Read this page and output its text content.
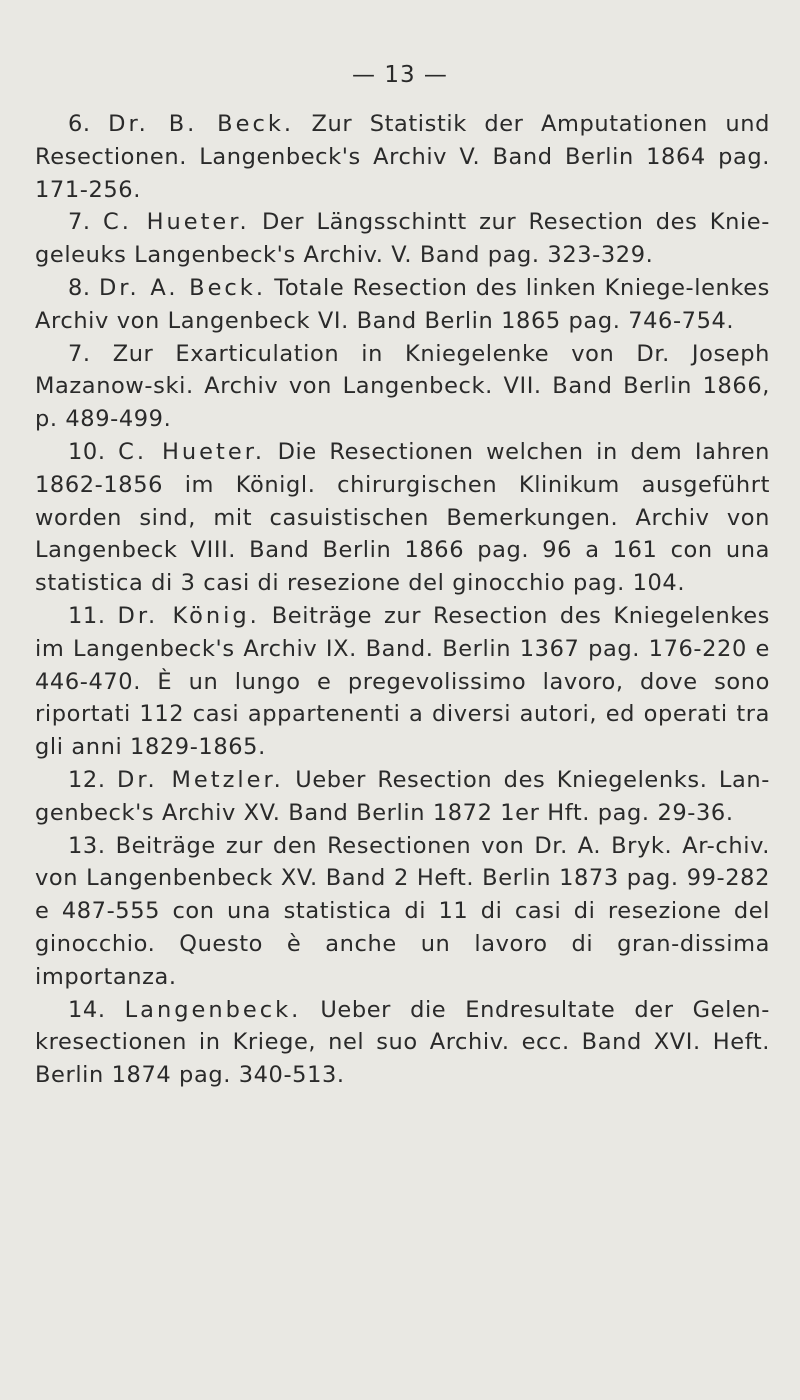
— 13 —

6. Dr. B. Beck. Zur Statistik der Amputationen und Resectionen. Langenbeck's Archiv V. Band Berlin 1864 pag. 171-256.

7. C. Hueter. Der Längsschintt zur Resection des Knie-geleuks Langenbeck's Archiv. V. Band pag. 323-329.

8. Dr. A. Beck. Totale Resection des linken Kniege-lenkes Archiv von Langenbeck VI. Band Berlin 1865 pag. 746-754.

7. Zur Exarticulation in Kniegelenke von Dr. Joseph Mazanow-ski. Archiv von Langenbeck. VII. Band Berlin 1866, p. 489-499.

10. C. Hueter. Die Resectionen welchen in dem Iahren 1862-1856 im Königl. chirurgischen Klinikum ausgeführt worden sind, mit casuistischen Bemerkungen. Archiv von Langenbeck VIII. Band Berlin 1866 pag. 96 a 161 con una statistica di 3 casi di resezione del ginocchio pag. 104.

11. Dr. König. Beiträge zur Resection des Kniegelenkes im Langenbeck's Archiv IX. Band. Berlin 1367 pag. 176-220 e 446-470. È un lungo e pregevolissimo lavoro, dove sono riportati 112 casi appartenenti a diversi autori, ed operati tra gli anni 1829-1865.

12. Dr. Metzler. Ueber Resection des Kniegelenks. Lan-genbeck's Archiv XV. Band Berlin 1872 1er Hft. pag. 29-36.

13. Beiträge zur den Resectionen von Dr. A. Bryk. Ar-chiv. von Langenbenbeck XV. Band 2 Heft. Berlin 1873 pag. 99-282 e 487-555 con una statistica di 11 di casi di resezione del ginocchio. Questo è anche un lavoro di gran-dissima importanza.

14. Langenbeck. Ueber die Endresultate der Gelen-kresectionen in Kriege, nel suo Archiv. ecc. Band XVI. Heft. Berlin 1874 pag. 340-513.
